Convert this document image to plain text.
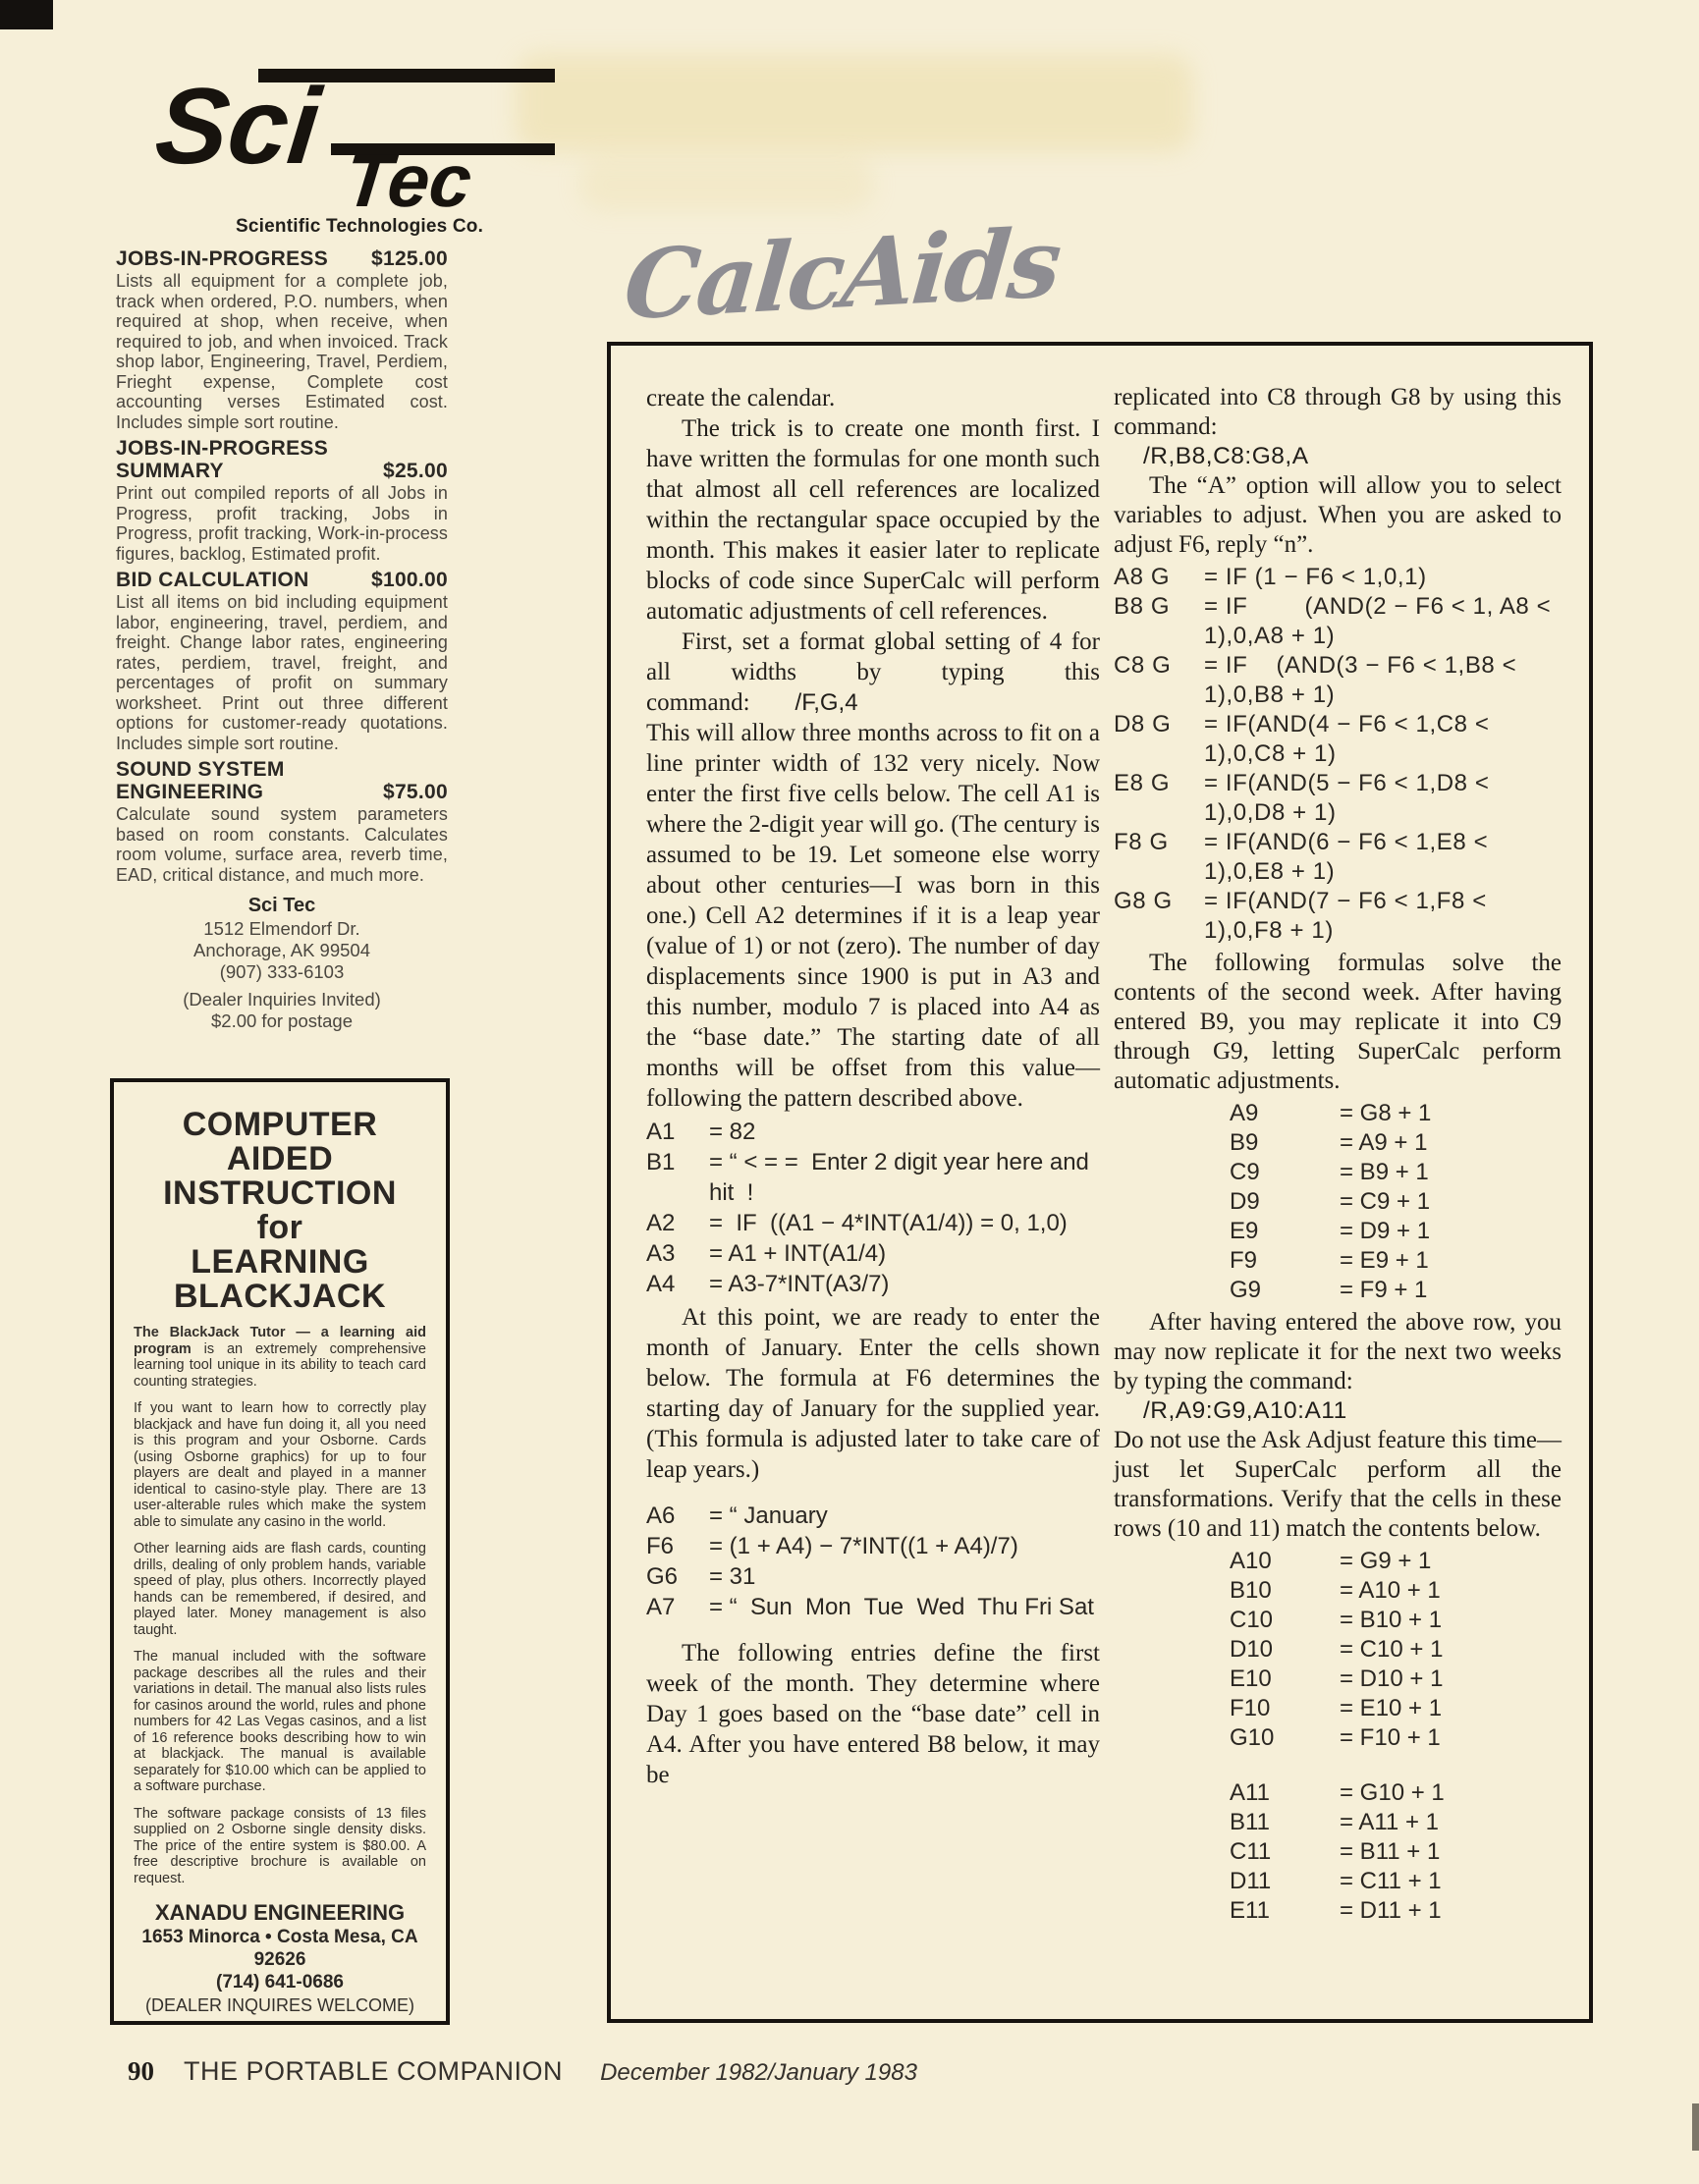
Sci Tec
Scientific Technologies Co.
JOBS-IN-PROGRESS $125.00

Lists all equipment for a complete job, track when ordered, P.O. numbers, when required at shop, when receive, when required to job, and when invoiced. Track shop labor, Engineering, Travel, Perdiem, Frieght expense, Complete cost accounting verses Estimated cost. Includes simple sort routine.

JOBS-IN-PROGRESS
SUMMARY	$25.00

Print out compiled reports of all Jobs in Progress, profit tracking, Jobs in Progress, profit tracking, Work-in-process figures, backlog, Estimated profit.

BID CALCULATION	$100.00

List all items on bid including equipment labor, engineering, travel, perdiem, and freight. Change labor rates, engineering rates, perdiem, travel, freight, and percentages of profit on summary worksheet. Print out three different options for customer-ready quotations. Includes simple sort routine.

SOUND SYSTEM
ENGINEERING	$75.00

Calculate sound system parameters based on room constants. Calculates room volume, surface area, reverb time, EAD, critical distance, and much more.

Sci Tec
1512 Elmendorf Dr.
Anchorage, AK 99504
(907) 333-6103
(Dealer Inquiries Invited)
$2.00 for postage
COMPUTER
AIDED
INSTRUCTION
for
LEARNING
BLACKJACK

The BlackJack Tutor — a learning aid program is an extremely comprehensive learning tool unique in its ability to teach card counting strategies.

If you want to learn how to correctly play blackjack and have fun doing it, all you need is this program and your Osborne. Cards (using Osborne graphics) for up to four players are dealt and played in a manner identical to casino-style play. There are 13 user-alterable rules which make the system able to simulate any casino in the world.

Other learning aids are flash cards, counting drills, dealing of only problem hands, variable speed of play, plus others. Incorrectly played hands can be remembered, if desired, and played later. Money management is also taught.

The manual included with the software package describes all the rules and their variations in detail. The manual also lists rules for casinos around the world, rules and phone numbers for 42 Las Vegas casinos, and a list of 16 reference books describing how to win at blackjack. The manual is available separately for $10.00 which can be applied to a software purchase.

The software package consists of 13 files supplied on 2 Osborne single density disks. The price of the entire system is $80.00. A free descriptive brochure is available on request.

XANADU ENGINEERING
1653 Minorca • Costa Mesa, CA 92626
(714) 641-0686
(DEALER INQUIRES WELCOME)
CalcAids

create the calendar.

The trick is to create one month first. I have written the formulas for one month such that almost all cell references are localized within the rectangular space occupied by the month. This makes it easier later to replicate blocks of code since SuperCalc will perform automatic adjustments of cell references.

First, set a format global setting of 4 for all widths by typing this command: /F,G,4

This will allow three months across to fit on a line printer width of 132 very nicely. Now enter the first five cells below. The cell A1 is where the 2-digit year will go. (The century is assumed to be 19. Let someone else worry about other centuries—I was born in this one.) Cell A2 determines if it is a leap year (value of 1) or not (zero). The number of day displacements since 1900 is put in A3 and this number, modulo 7 is placed into A4 as the “base date.” The starting date of all months will be offset from this value—following the pattern described above.

A1	= 82
B1	= “ < = =  Enter 2 digit year here and hit  !
A2	=  IF  ((A1 − 4*INT(A1/4)) = 0, 1,0)
A3	= A1 + INT(A1/4)
A4	= A3-7*INT(A3/7)

At this point, we are ready to enter the month of January. Enter the cells shown below. The formula at F6 determines the starting day of January for the supplied year. (This formula is adjusted later to take care of leap years.)

A6	= “ January
F6	= (1 + A4) − 7*INT((1 + A4)/7)
G6	= 31
A7	= “  Sun  Mon  Tue  Wed  Thu Fri Sat

The following entries define the first week of the month. They determine where Day 1 goes based on the “base date” cell in A4. After you have entered B8 below, it may be

replicated into C8 through G8 by using this command:

/R,B8,C8:G8,A

The “A” option will allow you to select variables to adjust. When you are asked to adjust F6, reply “n”.

A8 G	= IF (1 − F6 < 1,0,1)
B8 G	= IF        (AND(2 − F6 < 1, A8 < 1),0,A8 + 1)
C8 G	= IF    (AND(3 − F6 < 1,B8 < 1),0,B8 + 1)
D8 G	= IF(AND(4 − F6 < 1,C8 < 1),0,C8 + 1)
E8 G	= IF(AND(5 − F6 < 1,D8 < 1),0,D8 + 1)
F8 G	= IF(AND(6 − F6 < 1,E8 < 1),0,E8 + 1)
G8 G	= IF(AND(7 − F6 < 1,F8 < 1),0,F8 + 1)

The following formulas solve the contents of the second week. After having entered B9, you may replicate it into C9 through G9, letting SuperCalc perform automatic adjustments.

A9	= G8 + 1
B9	= A9 + 1
C9	= B9 + 1
D9	= C9 + 1
E9	= D9 + 1
F9	= E9 + 1
G9	= F9 + 1

After having entered the above row, you may now replicate it for the next two weeks by typing the command:

/R,A9:G9,A10:A11

Do not use the Ask Adjust feature this time—just let SuperCalc perform all the transformations. Verify that the cells in these rows (10 and 11) match the contents below.

A10	= G9 + 1
B10	= A10 + 1
C10	= B10 + 1
D10	= C10 + 1
E10	= D10 + 1
F10	= E10 + 1
G10	= F10 + 1
A11	= G10 + 1
B11	= A11 + 1
C11	= B11 + 1
D11	= C11 + 1
E11	= D11 + 1
90 THE PORTABLE COMPANION December 1982/January 1983
